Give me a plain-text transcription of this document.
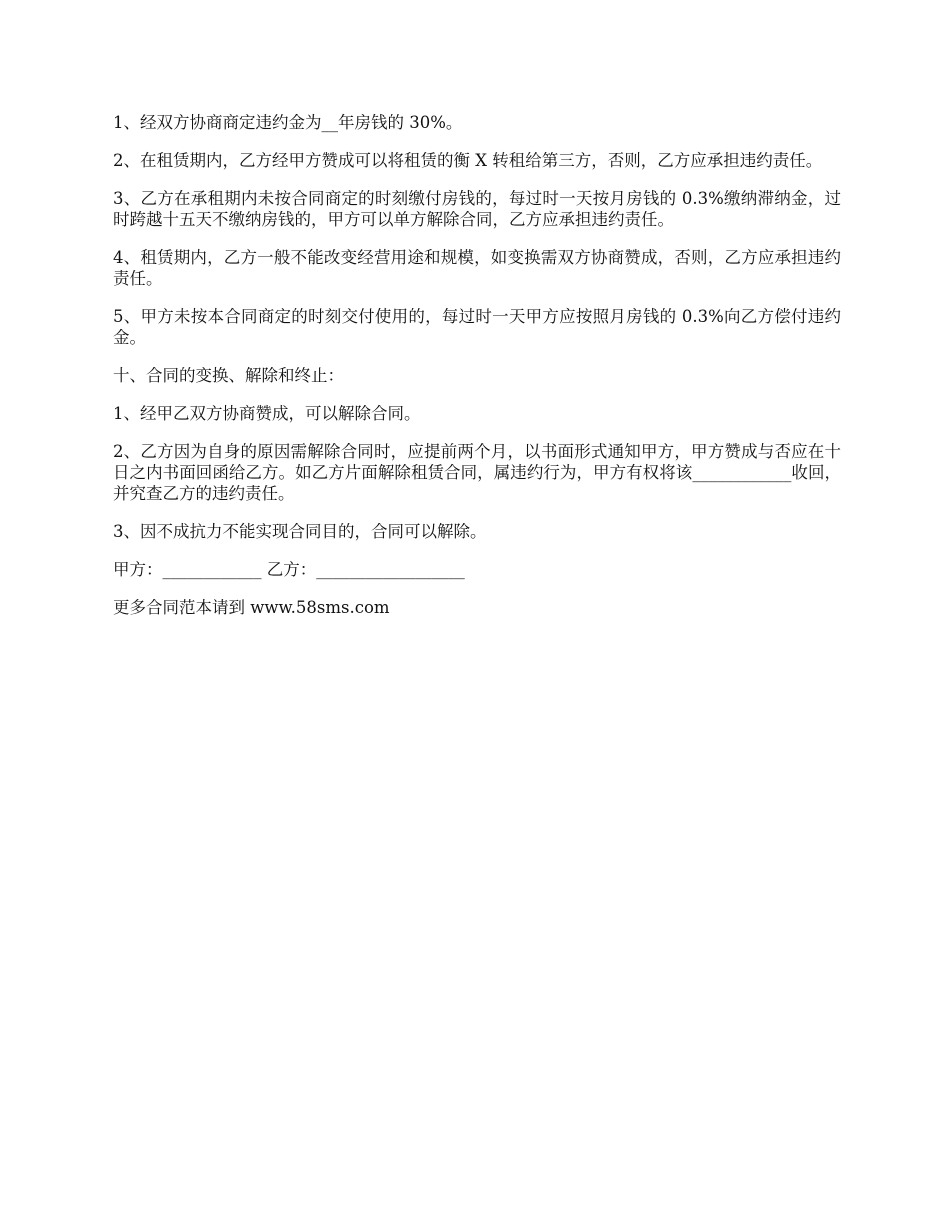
1、经双方协商商定违约金为__年房钱的 30%。

2、在租赁期内，乙方经甲方赞成可以将租赁的衡 X 转租给第三方，否则，乙方应承担违约责任。

3、乙方在承租期内未按合同商定的时刻缴付房钱的，每过时一天按月房钱的 0.3%缴纳滞纳金，过时跨越十五天不缴纳房钱的，甲方可以单方解除合同，乙方应承担违约责任。

4、租赁期内，乙方一般不能改变经营用途和规模，如变换需双方协商赞成，否则，乙方应承担违约责任。

5、甲方未按本合同商定的时刻交付使用的，每过时一天甲方应按照月房钱的 0.3%向乙方偿付违约金。

十、合同的变换、解除和终止：

1、经甲乙双方协商赞成，可以解除合同。

2、乙方因为自身的原因需解除合同时，应提前两个月，以书面形式通知甲方，甲方赞成与否应在十日之内书面回函给乙方。如乙方片面解除租赁合同，属违约行为，甲方有权将该____________收回，并究查乙方的违约责任。

3、因不成抗力不能实现合同目的，合同可以解除。

甲方：____________ 乙方：__________________

更多合同范本请到 www.58sms.com
